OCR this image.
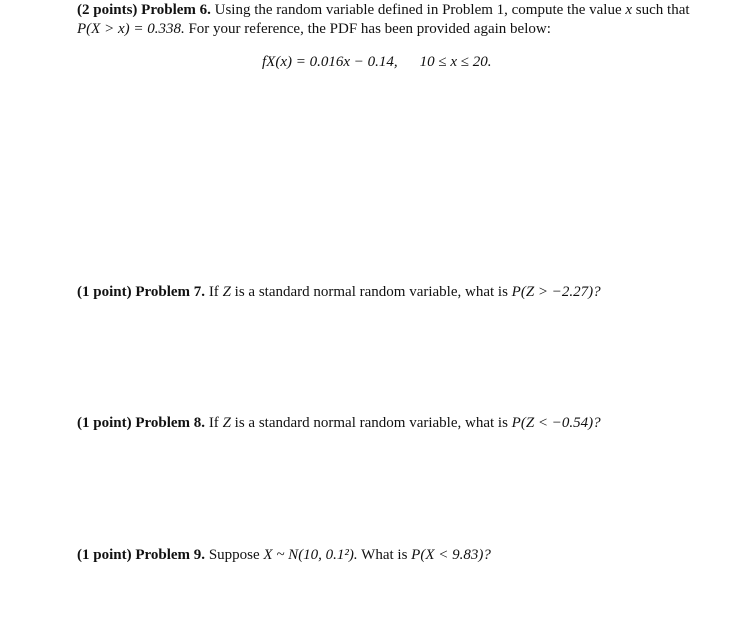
(2 points) Problem 6. Using the random variable defined in Problem 1, compute the value x such that
P(X > x) = 0.338. For your reference, the PDF has been provided again below:
fX(x) = 0.016x − 0.14, 10 ≤ x ≤ 20.
(1 point) Problem 7. If Z is a standard normal random variable, what is P(Z > −2.27)?
(1 point) Problem 8. If Z is a standard normal random variable, what is P(Z < −0.54)?
(1 point) Problem 9. Suppose X ~ N(10, 0.1²). What is P(X < 9.83)?
